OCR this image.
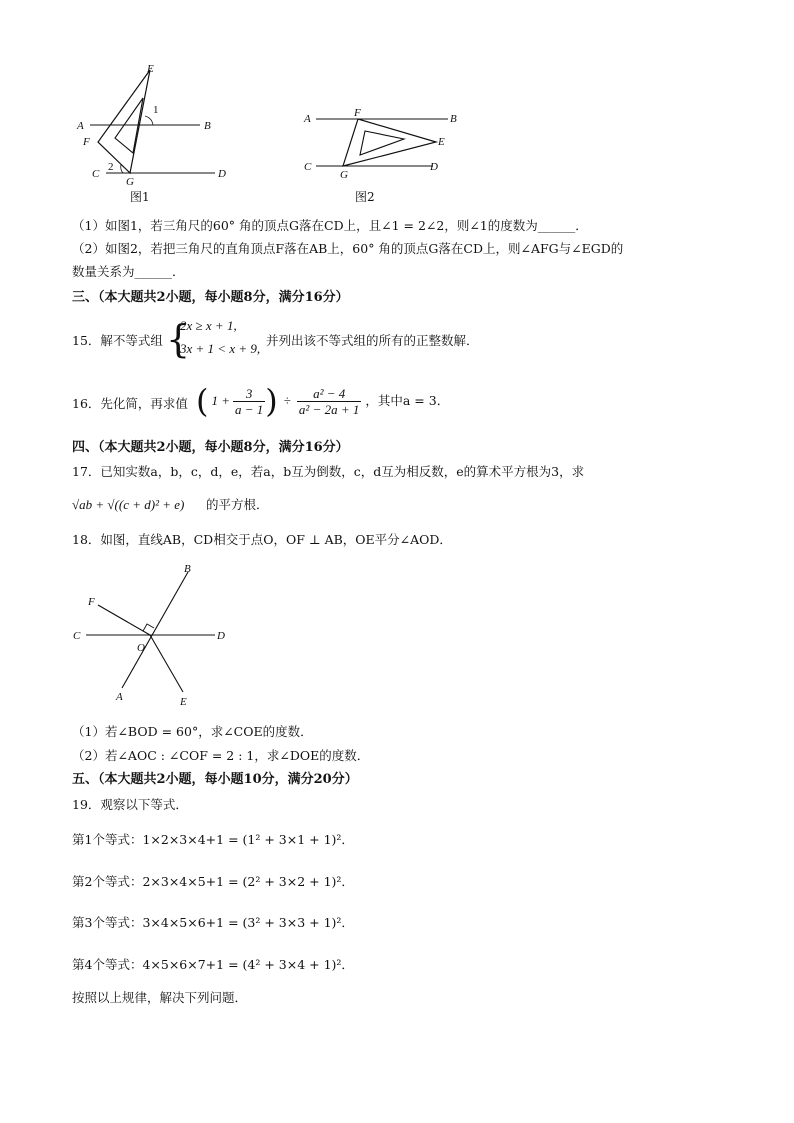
E
1
A	B
F
2
C
G
D
图1
A	F	B
E
C	D
G
图2
（1）如图1，若三角尺的60° 角的顶点G落在CD上，且∠1 = 2∠2，则∠1的度数为______．
（2）如图2，若把三角尺的直角顶点F落在AB上，60° 角的顶点G落在CD上，则∠AFG与∠EGD的
数量关系为______．
三、（本大题共2小题，每小题8分，满分16分）
15．解不等式组 {
2x ≥ x + 1,
3x + 1 < x + 9,
并列出该不等式组的所有的正整数解．
16．先化简，再求值 ( $1 + \frac{3}{a - 1}$ ) ÷ $\frac{\text{a² − 4}}{\text{a² − 2a + 1}}$ ，其中a = 3．
四、（本大题共2小题，每小题8分，满分16分）
17．已知实数a，b，c，d，e，若a，b互为倒数，c，d互为相反数，e的算术平方根为3，求
√ab + √((c + d)² + e) 的平方根．
18．如图，直线AB，CD相交于点O，OF ⊥ AB，OE平分∠AOD．
B
F
C
O
D
A	E
（1）若∠BOD = 60°，求∠COE的度数．
（2）若∠AOC : ∠COF = 2 : 1，求∠DOE的度数．
五、（本大题共2小题，每小题10分，满分20分）
19．观察以下等式．
第1个等式：1×2×3×4+1 = (1² + 3×1 + 1)²．
第2个等式：2×3×4×5+1 = (2² + 3×2 + 1)²．
第3个等式：3×4×5×6+1 = (3² + 3×3 + 1)²．
第4个等式：4×5×6×7+1 = (4² + 3×4 + 1)²．
按照以上规律，解决下列问题．
